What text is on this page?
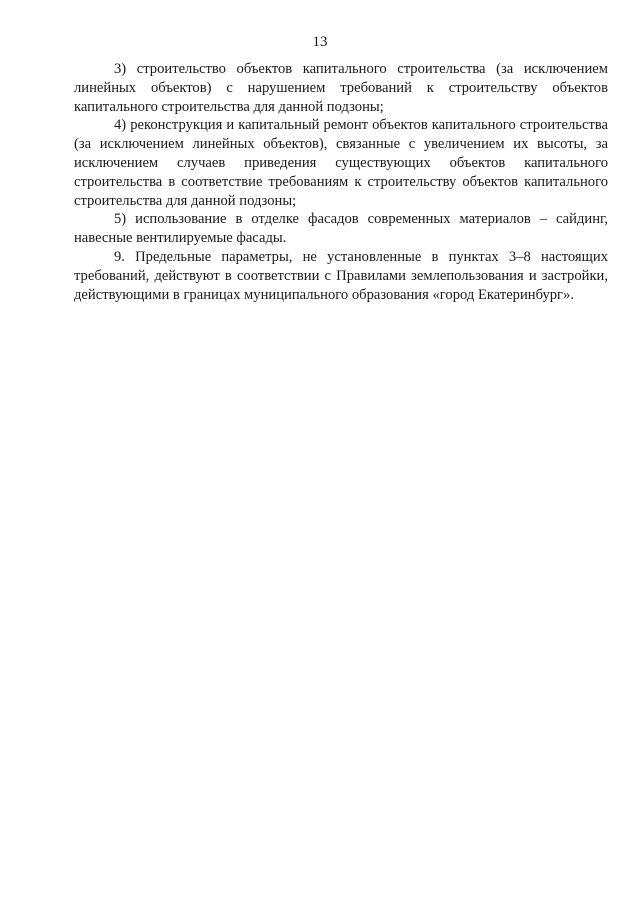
13

3) строительство объектов капитального строительства (за исключением линейных объектов) с нарушением требований к строительству объектов капитального строительства для данной подзоны;

4) реконструкция и капитальный ремонт объектов капитального строительства (за исключением линейных объектов), связанные с увеличением их высоты, за исключением случаев приведения существующих объектов капитального строительства в соответствие требованиям к строительству объектов капитального строительства для данной подзоны;

5) использование в отделке фасадов современных материалов – сайдинг, навесные вентилируемые фасады.

9. Предельные параметры, не установленные в пунктах 3–8 настоящих требований, действуют в соответствии с Правилами землепользования и застройки, действующими в границах муниципального образования «город Екатеринбург».
